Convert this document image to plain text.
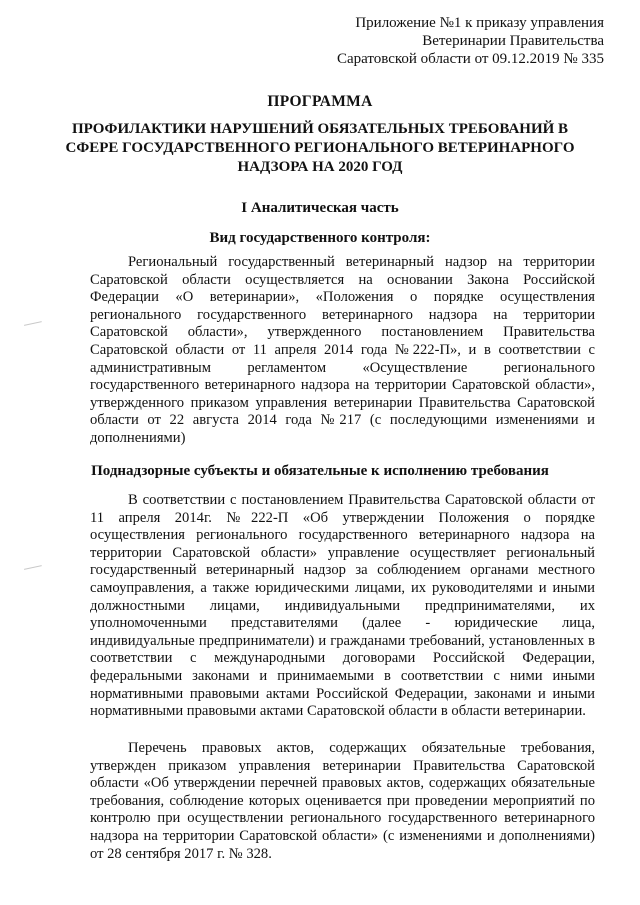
Приложение №1 к приказу управления
Ветеринарии Правительства
Саратовской области от 09.12.2019 № 335
ПРОГРАММА
ПРОФИЛАКТИКИ НАРУШЕНИЙ ОБЯЗАТЕЛЬНЫХ ТРЕБОВАНИЙ В СФЕРЕ ГОСУДАРСТВЕННОГО РЕГИОНАЛЬНОГО ВЕТЕРИНАРНОГО НАДЗОРА НА 2020 ГОД
I Аналитическая часть
Вид государственного контроля:
Региональный государственный ветеринарный надзор на территории Саратовской области осуществляется на основании Закона Российской Федерации «О ветеринарии», «Положения о порядке осуществления регионального государственного ветеринарного надзора на территории Саратовской области», утвержденного постановлением Правительства Саратовской области от 11 апреля 2014 года №222-П», и в соответствии с административным регламентом «Осуществление регионального государственного ветеринарного надзора на территории Саратовской области», утвержденного приказом управления ветеринарии Правительства Саратовской области от 22 августа 2014 года №217 (с последующими изменениями и дополнениями)
Поднадзорные субъекты и обязательные к исполнению требования
В соответствии с постановлением Правительства Саратовской области от 11 апреля 2014г. №222-П «Об утверждении Положения о порядке осуществления регионального государственного ветеринарного надзора на территории Саратовской области» управление осуществляет региональный государственный ветеринарный надзор за соблюдением органами местного самоуправления, а также юридическими лицами, их руководителями и иными должностными лицами, индивидуальными предпринимателями, их уполномоченными представителями (далее - юридические лица, индивидуальные предприниматели) и гражданами требований, установленных в соответствии с международными договорами Российской Федерации, федеральными законами и принимаемыми в соответствии с ними иными нормативными правовыми актами Российской Федерации, законами и иными нормативными правовыми актами Саратовской области в области ветеринарии.
Перечень правовых актов, содержащих обязательные требования, утвержден приказом управления ветеринарии Правительства Саратовской области «Об утверждении перечней правовых актов, содержащих обязательные требования, соблюдение которых оценивается при проведении мероприятий по контролю при осуществлении регионального государственного ветеринарного надзора на территории Саратовской области» (с изменениями и дополнениями) от 28 сентября 2017 г. № 328.
